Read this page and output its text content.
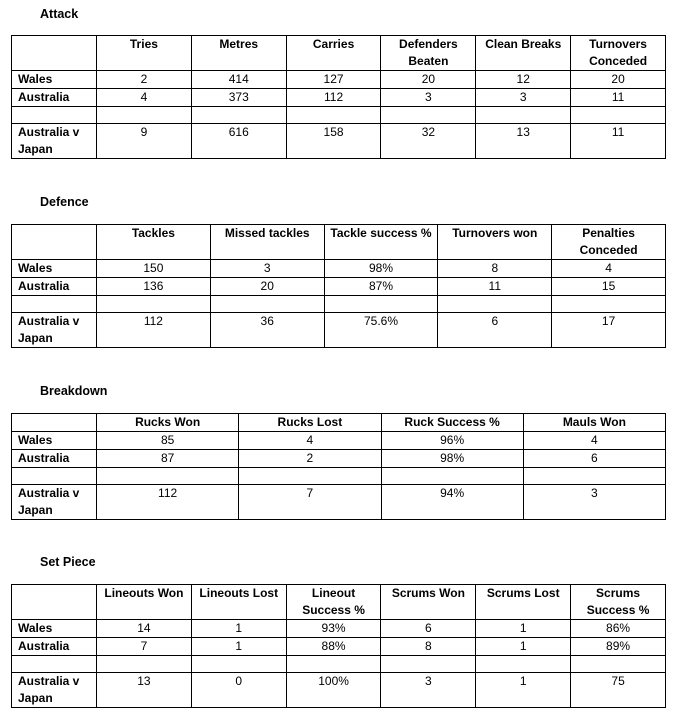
Attack
	Tries	Metres	Carries	Defenders Beaten	Clean Breaks	Turnovers Conceded
Wales	2	414	127	20	12	20
Australia	4	373	112	3	3	11

Australia v Japan	9	616	158	32	13	11
Defence
	Tackles	Missed tackles	Tackle success %	Turnovers won	Penalties Conceded
Wales	150	3	98%	8	4
Australia	136	20	87%	11	15

Australia v Japan	112	36	75.6%	6	17
Breakdown
	Rucks Won	Rucks Lost	Ruck Success %	Mauls Won
Wales	85	4	96%	4
Australia	87	2	98%	6

Australia v Japan	112	7	94%	3
Set Piece
	Lineouts Won	Lineouts Lost	Lineout Success %	Scrums Won	Scrums Lost	Scrums Success %
Wales	14	1	93%	6	1	86%
Australia	7	1	88%	8	1	89%

Australia v Japan	13	0	100%	3	1	75
